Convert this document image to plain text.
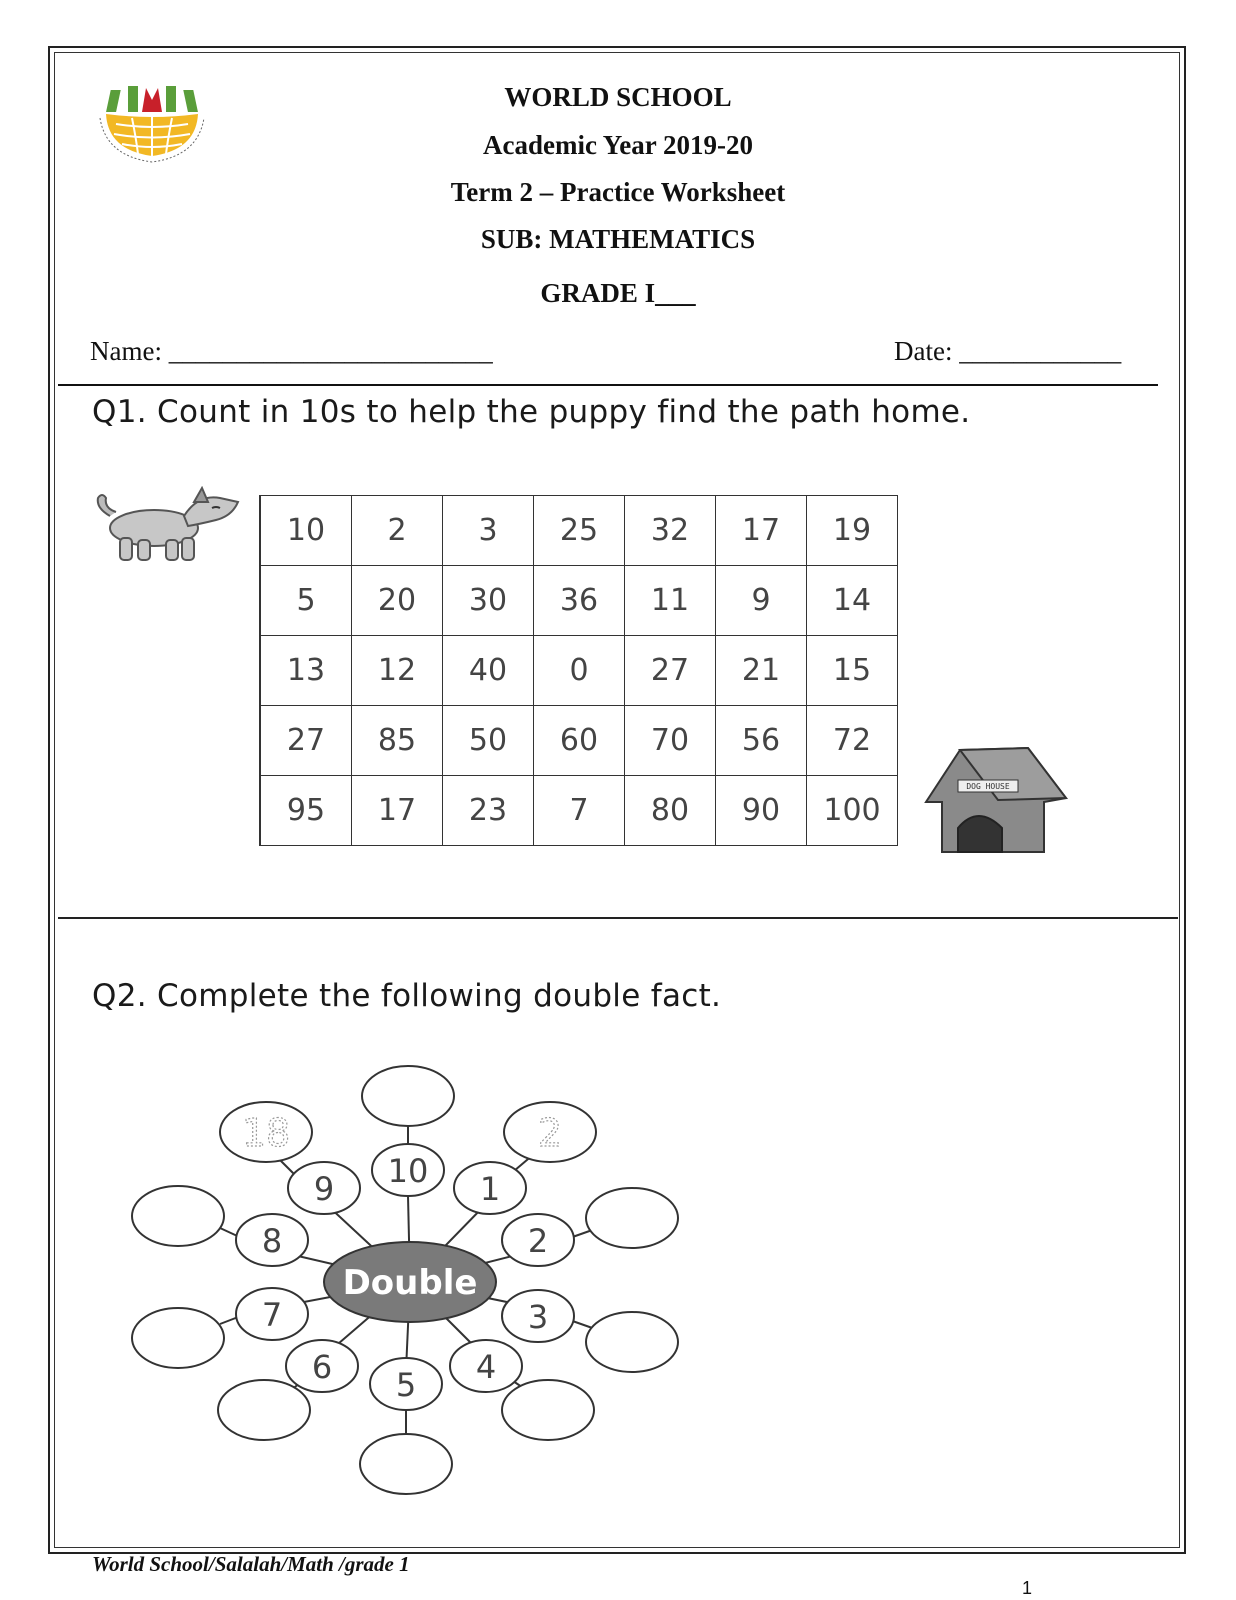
WORLD SCHOOL
Academic Year 2019-20
Term 2 – Practice Worksheet
SUB: MATHEMATICS
GRADE I___
Name: ________________________	Date: ____________
Q1. Count in 10s to help the puppy find the path home.
10	2	3	25	32	17	19
5	20	30	36	11	9	14
13	12	40	0	27	21	15
27	85	50	60	70	56	72
95	17	23	7	80	90	100
DOG HOUSE
Q2. Complete the following double fact.
Double
10 1
2
3
4
5
6
7
8
9
2
18
World School/Salalah/Math /grade 1
1
